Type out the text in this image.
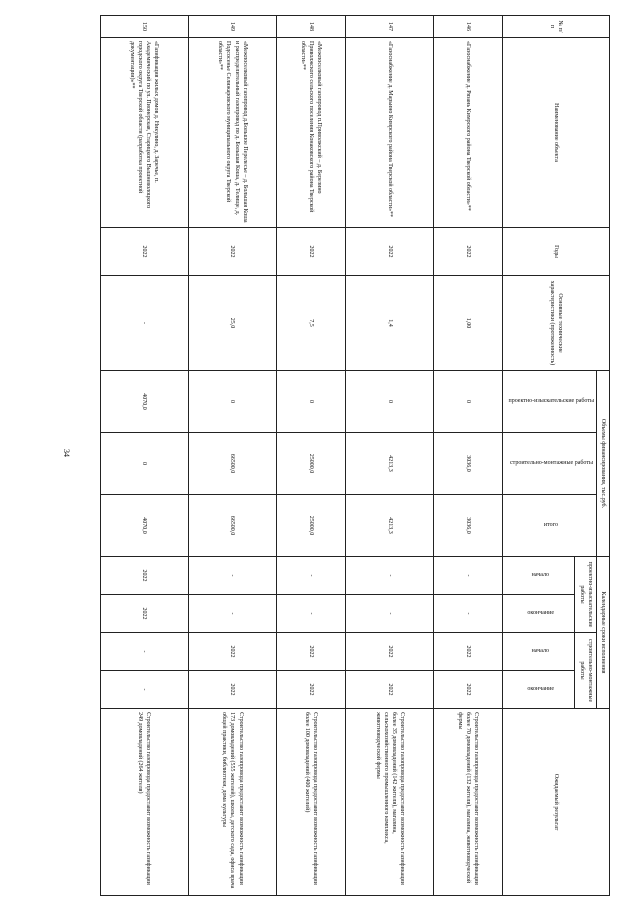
34
№ п/п	Наименование объекта	Годы	Основные технические характеристики (протяженность)	Объемы финансирования, тыс.руб.			Календарные сроки исполнения				Ожидаемый результат
				проектно-изыскательские работы	строительно-монтажные работы	итого	проектно-изыскательские работы		строительно-монтажные работы		
							начало	окончание	начало	окончание	
146	«Газоснабжение д. Рязань Кимрского района Тверской области»**	2022	1,00	0	3036,0	3036,0	-	-	2022	2022	Строительство газопровода предоставит возможность газификации более 70 домовладений (132 жителя), магазина, животноводческой фермы
147	«Газоснабжение д. Марьино Кимрского района Тверской области»**	2022	1,4	0	4213,3	4213,3	-	-	2022	2022	Строительство газопровода предоставит возможность газификации более 35 домовладений (142 жителя), магазина, сельскохозяйственного промышленного комплекса, животноводческой фермы
148	«Межпоселковый газопровод п.Приволжский – д. Березино Приволжского сельского поселения Конаковского района Тверской области»**	2022	7,5	0	25000,0	25000,0	-	-	2022	2022	Строительство газопровода предоставит возможность газификации более 100 домовладений (400 жителей)
149	«Межпоселковый газопровод д.Большое Перелесье – д. Большая Коша и распределительный газопровод по д. Большая Коша, д. Телище, д. Подсосенье Селижаровского муниципального округа Тверской области»**	2022	25,0	0	66500,0	66500,0	-	-	2022	2022	Строительство газопровода предоставит возможность газификации 173 домовладений (555 жителей), школы, детского сада, офиса врача общей практики, библиотеки, дома культуры
150	«Газификация жилых домов д. Никулино, д. Заречье, п. Академический по ул. Пионерская, Старицкого Вышневолоцкого городского округа Тверской области (разработка проектной документации)»**	2022	-	4070,0	0	4070,0	2022	2022	-	-	Строительство газопровода предоставит возможность газификации 249 домовладений (264 жителя)
